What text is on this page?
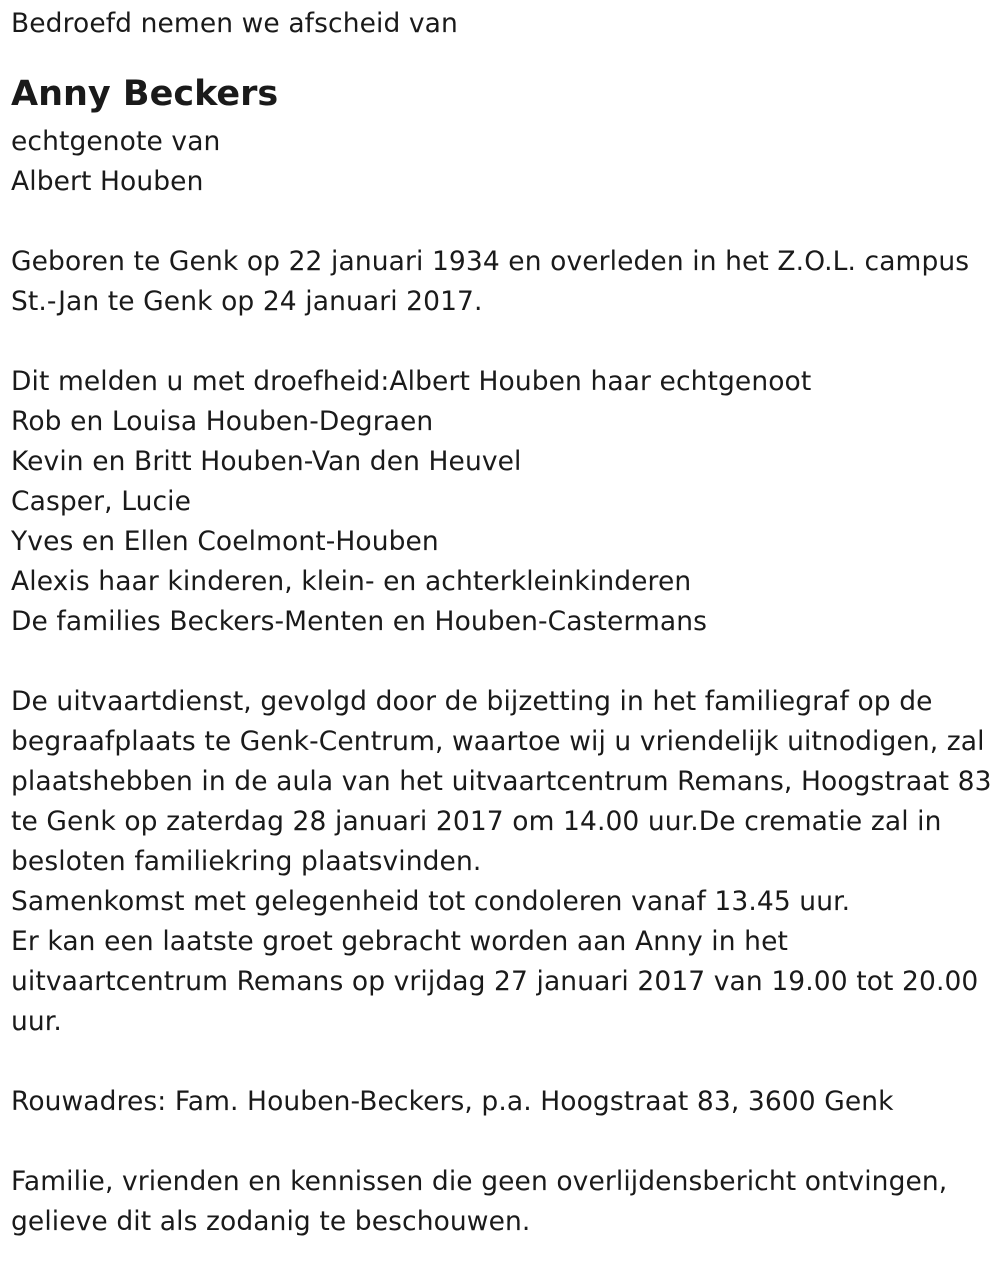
Bedroefd nemen we afscheid van
Anny Beckers
echtgenote van
Albert Houben
Geboren te Genk op 22 januari 1934 en overleden in het Z.O.L. campus
St.-Jan te Genk op 24 januari 2017.
Dit melden u met droefheid:Albert Houben haar echtgenoot
Rob en Louisa Houben-Degraen
Kevin en Britt Houben-Van den Heuvel
Casper, Lucie
Yves en Ellen Coelmont-Houben
Alexis haar kinderen, klein- en achterkleinkinderen
De families Beckers-Menten en Houben-Castermans
De uitvaartdienst, gevolgd door de bijzetting in het familiegraf op de
begraafplaats te Genk-Centrum, waartoe wij u vriendelijk uitnodigen, zal
plaatshebben in de aula van het uitvaartcentrum Remans, Hoogstraat 83
te Genk op zaterdag 28 januari 2017 om 14.00 uur.De crematie zal in
besloten familiekring plaatsvinden.
Samenkomst met gelegenheid tot condoleren vanaf 13.45 uur.
Er kan een laatste groet gebracht worden aan Anny in het
uitvaartcentrum Remans op vrijdag 27 januari 2017 van 19.00 tot 20.00
uur.
Rouwadres: Fam. Houben-Beckers, p.a. Hoogstraat 83, 3600 Genk
Familie, vrienden en kennissen die geen overlijdensbericht ontvingen,
gelieve dit als zodanig te beschouwen.
